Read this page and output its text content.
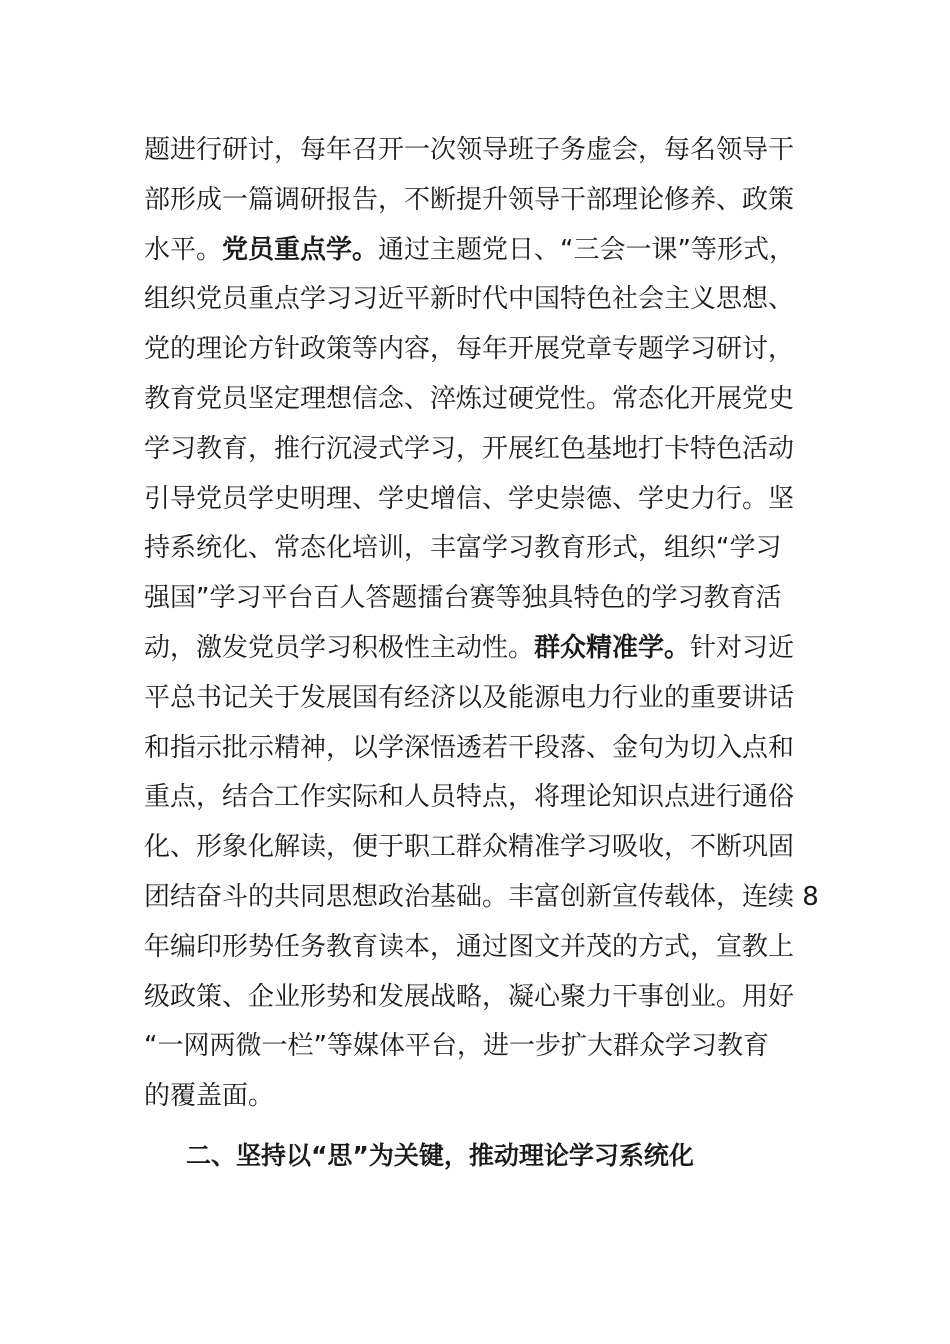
题进行研讨，每年召开一次领导班子务虚会，每名领导干
部形成一篇调研报告，不断提升领导干部理论修养、政策
水平。党员重点学。通过主题党日、“三会一课”等形式，
组织党员重点学习习近平新时代中国特色社会主义思想、
党的理论方针政策等内容，每年开展党章专题学习研讨，
教育党员坚定理想信念、淬炼过硬党性。常态化开展党史
学习教育，推行沉浸式学习，开展红色基地打卡特色活动
引导党员学史明理、学史增信、学史崇德、学史力行。坚
持系统化、常态化培训，丰富学习教育形式，组织“学习
强国”学习平台百人答题擂台赛等独具特色的学习教育活
动，激发党员学习积极性主动性。群众精准学。针对习近
平总书记关于发展国有经济以及能源电力行业的重要讲话
和指示批示精神，以学深悟透若干段落、金句为切入点和
重点，结合工作实际和人员特点，将理论知识点进行通俗
化、形象化解读，便于职工群众精准学习吸收，不断巩固
团结奋斗的共同思想政治基础。丰富创新宣传载体，连续 8
年编印形势任务教育读本，通过图文并茂的方式，宣教上
级政策、企业形势和发展战略，凝心聚力干事创业。用好
“一网两微一栏”等媒体平台，进一步扩大群众学习教育
的覆盖面。
二、坚持以“思”为关键，推动理论学习系统化
